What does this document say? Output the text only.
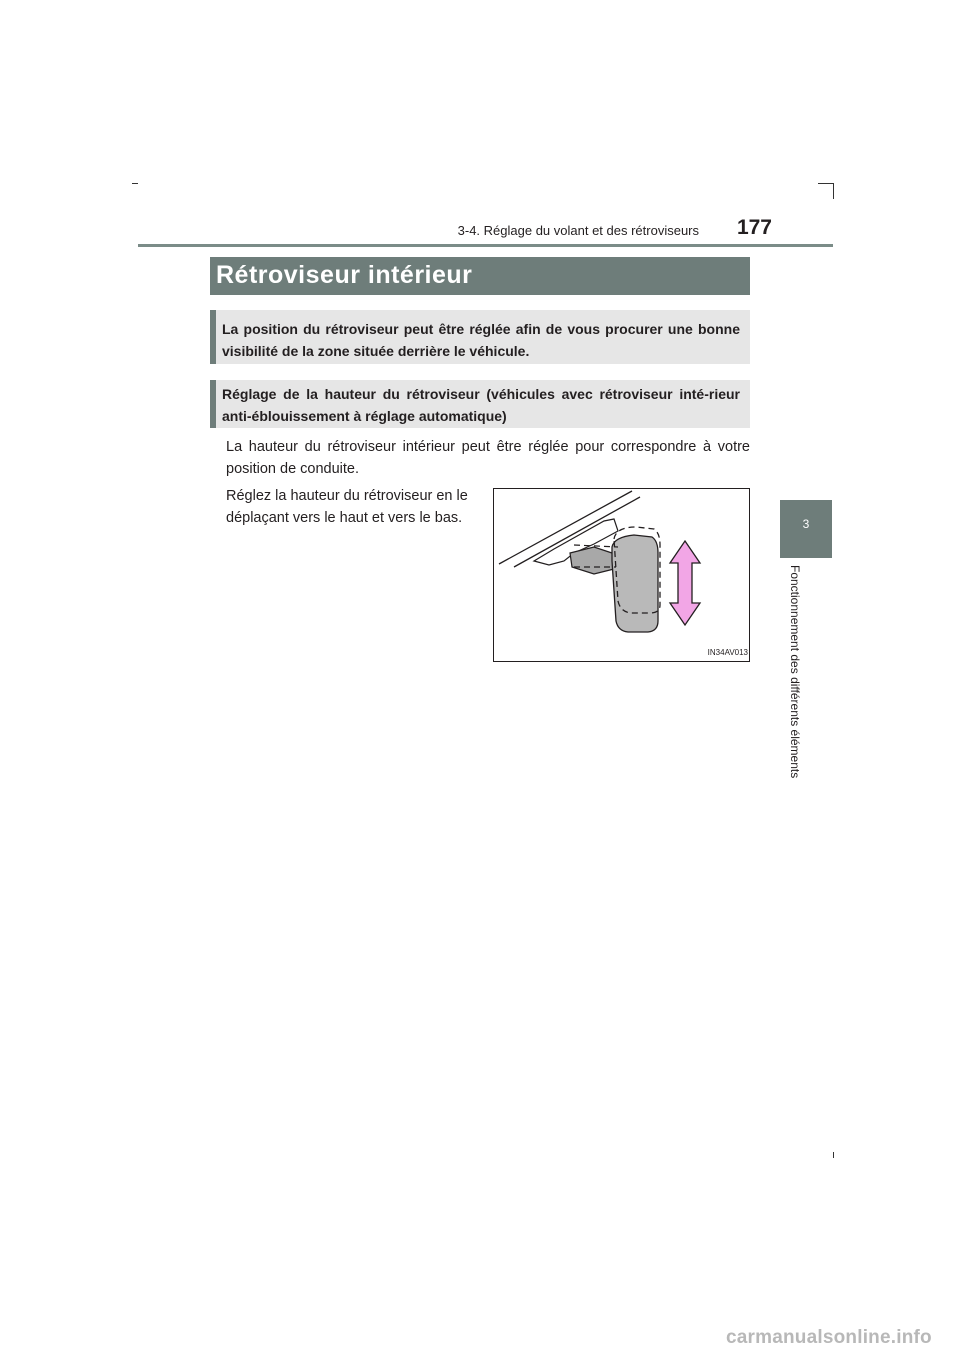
3-4. Réglage du volant et des rétroviseurs	177
3
Fonctionnement des différents éléments
Rétroviseur intérieur
La position du rétroviseur peut être réglée afin de vous procurer une bonne visibilité de la zone située derrière le véhicule.
Réglage de la hauteur du rétroviseur (véhicules avec rétroviseur inté-rieur anti-éblouissement à réglage automatique)
La hauteur du rétroviseur intérieur peut être réglée pour correspondre à votre position de conduite.
Réglez la hauteur du rétroviseur en le déplaçant vers le haut et vers le bas.
IN34AV013
carmanualsonline.info
